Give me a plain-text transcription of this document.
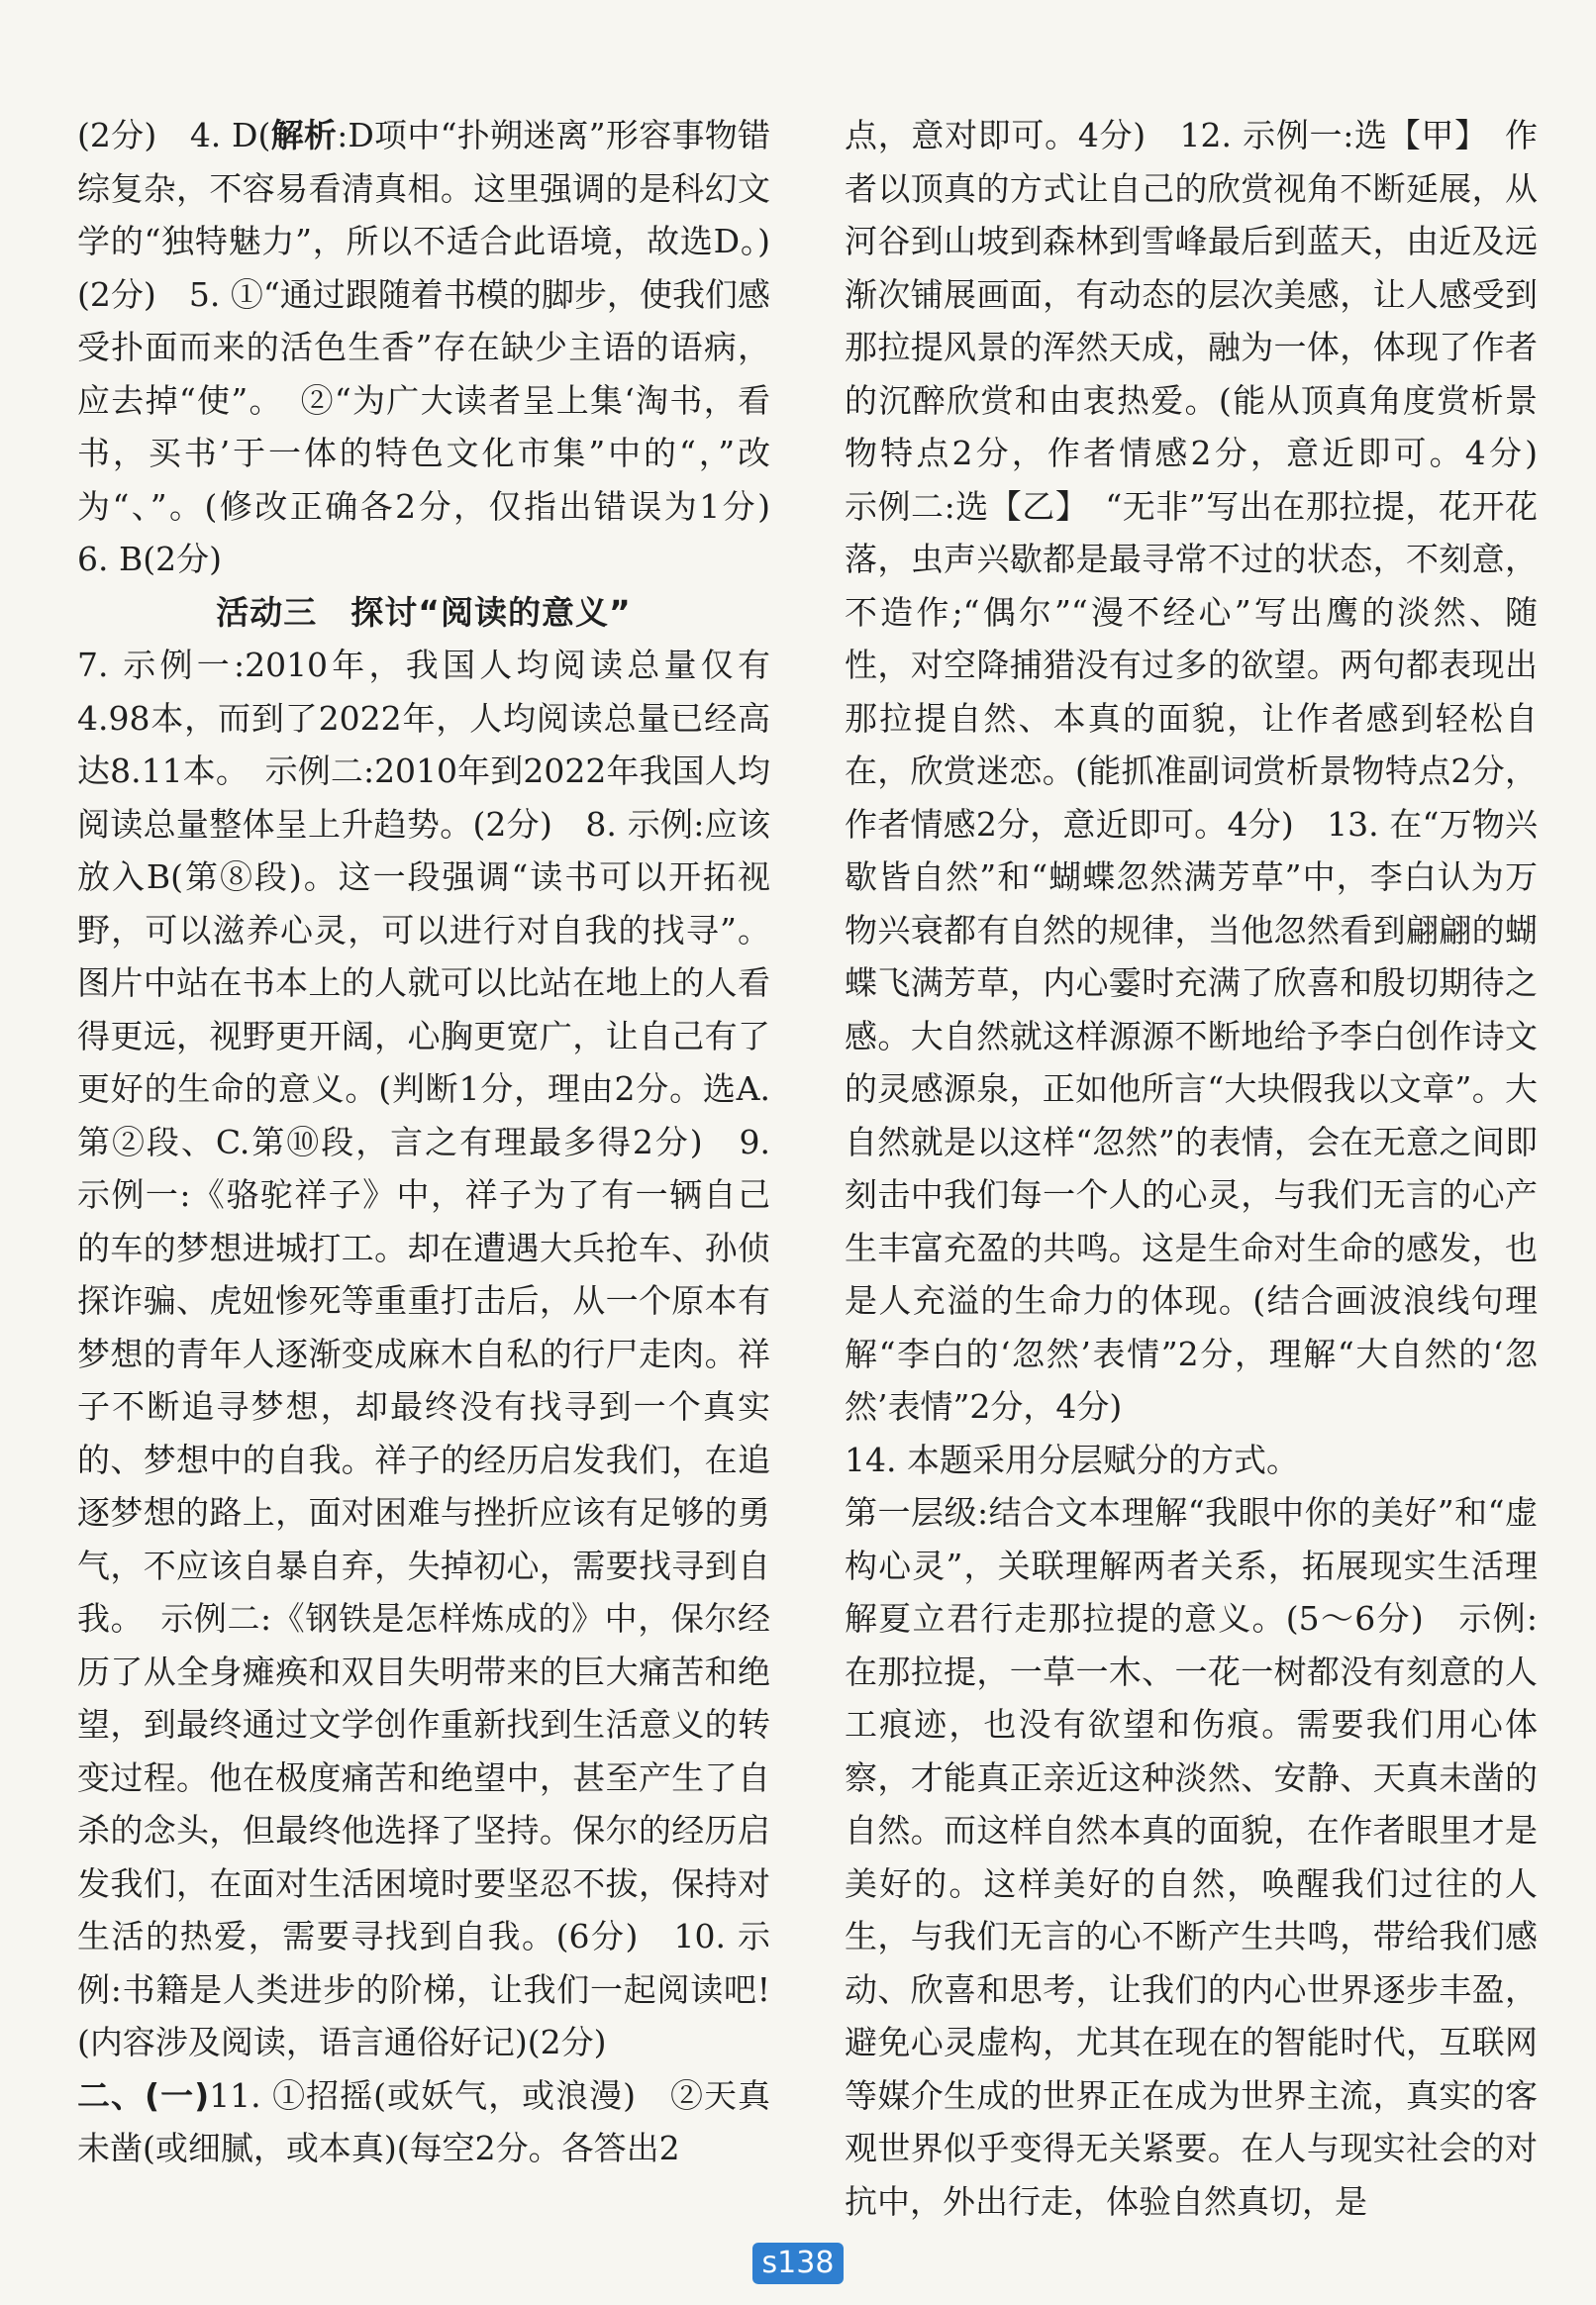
(2分)　4. D(解析:D项中“扑朔迷离”形容事物错综复杂，不容易看清真相。这里强调的是科幻文学的“独特魅力”，所以不适合此语境，故选D。)(2分)　5. ①“通过跟随着书模的脚步，使我们感受扑面而来的活色生香”存在缺少主语的语病，应去掉“使”。　②“为广大读者呈上集‘淘书，看书，买书’于一体的特色文化市集”中的“，”改为“、”。(修改正确各2分，仅指出错误为1分)　6. B(2分)

活动三　探讨“阅读的意义”

7. 示例一:2010年，我国人均阅读总量仅有4.98本，而到了2022年，人均阅读总量已经高达8.11本。　示例二:2010年到2022年我国人均阅读总量整体呈上升趋势。(2分)　8. 示例:应该放入B(第⑧段)。这一段强调“读书可以开拓视野，可以滋养心灵，可以进行对自我的找寻”。图片中站在书本上的人就可以比站在地上的人看得更远，视野更开阔，心胸更宽广，让自己有了更好的生命的意义。(判断1分，理由2分。选A.第②段、C.第⑩段，言之有理最多得2分)　9. 示例一:《骆驼祥子》中，祥子为了有一辆自己的车的梦想进城打工。却在遭遇大兵抢车、孙侦探诈骗、虎妞惨死等重重打击后，从一个原本有梦想的青年人逐渐变成麻木自私的行尸走肉。祥子不断追寻梦想，却最终没有找寻到一个真实的、梦想中的自我。祥子的经历启发我们，在追逐梦想的路上，面对困难与挫折应该有足够的勇气，不应该自暴自弃，失掉初心，需要找寻到自我。　示例二:《钢铁是怎样炼成的》中，保尔经历了从全身瘫痪和双目失明带来的巨大痛苦和绝望，到最终通过文学创作重新找到生活意义的转变过程。他在极度痛苦和绝望中，甚至产生了自杀的念头，但最终他选择了坚持。保尔的经历启发我们，在面对生活困境时要坚忍不拔，保持对生活的热爱，需要寻找到自我。(6分)　10. 示例:书籍是人类进步的阶梯，让我们一起阅读吧!(内容涉及阅读，语言通俗好记)(2分)

二、(一)11. ①招摇(或妖气，或浪漫)　②天真未凿(或细腻，或本真)(每空2分。各答出2

点，意对即可。4分)　12. 示例一:选【甲】　作者以顶真的方式让自己的欣赏视角不断延展，从河谷到山坡到森林到雪峰最后到蓝天，由近及远渐次铺展画面，有动态的层次美感，让人感受到那拉提风景的浑然天成，融为一体，体现了作者的沉醉欣赏和由衷热爱。(能从顶真角度赏析景物特点2分，作者情感2分，意近即可。4分)　示例二:选【乙】　“无非”写出在那拉提，花开花落，虫声兴歇都是最寻常不过的状态，不刻意，不造作;“偶尔”“漫不经心”写出鹰的淡然、随性，对空降捕猎没有过多的欲望。两句都表现出那拉提自然、本真的面貌，让作者感到轻松自在，欣赏迷恋。(能抓准副词赏析景物特点2分，作者情感2分，意近即可。4分)　13. 在“万物兴歇皆自然”和“蝴蝶忽然满芳草”中，李白认为万物兴衰都有自然的规律，当他忽然看到翩翩的蝴蝶飞满芳草，内心霎时充满了欣喜和殷切期待之感。大自然就这样源源不断地给予李白创作诗文的灵感源泉，正如他所言“大块假我以文章”。大自然就是以这样“忽然”的表情，会在无意之间即刻击中我们每一个人的心灵，与我们无言的心产生丰富充盈的共鸣。这是生命对生命的感发，也是人充溢的生命力的体现。(结合画波浪线句理解“李白的‘忽然’表情”2分，理解“大自然的‘忽然’表情”2分，4分)

14. 本题采用分层赋分的方式。

第一层级:结合文本理解“我眼中你的美好”和“虚构心灵”，关联理解两者关系，拓展现实生活理解夏立君行走那拉提的意义。(5～6分)　示例:在那拉提，一草一木、一花一树都没有刻意的人工痕迹，也没有欲望和伤痕。需要我们用心体察，才能真正亲近这种淡然、安静、天真未凿的自然。而这样自然本真的面貌，在作者眼里才是美好的。这样美好的自然，唤醒我们过往的人生，与我们无言的心不断产生共鸣，带给我们感动、欣喜和思考，让我们的内心世界逐步丰盈，避免心灵虚构，尤其在现在的智能时代，互联网等媒介生成的世界正在成为世界主流，真实的客观世界似乎变得无关紧要。在人与现实社会的对抗中，外出行走，体验自然真切，是

s138
